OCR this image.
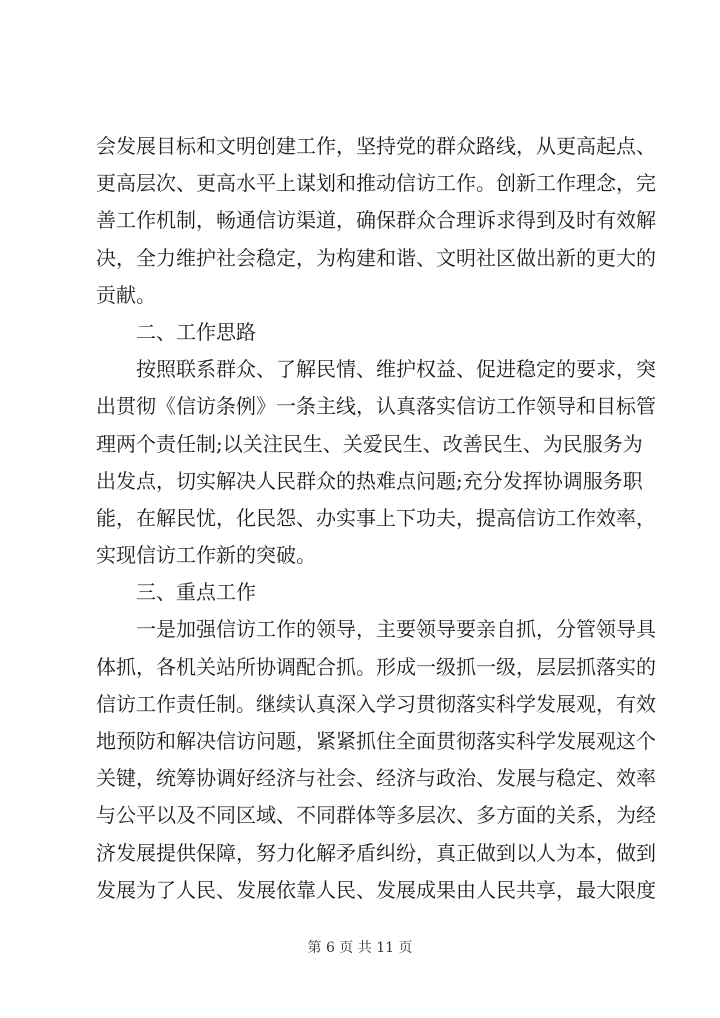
会 发 展 目 标 和 文 明 创 建 工 作 ， 坚 持 党 的 群 众 路 线 ， 从 更 高 起 点 、
更 高 层 次 、 更 高 水 平 上 谋 划 和 推 动 信 访 工 作 。 创 新 工 作 理 念 ， 完
善 工 作 机 制 ， 畅 通 信 访 渠 道 ， 确 保 群 众 合 理 诉 求 得 到 及 时 有 效 解
决 ， 全 力 维 护 社 会 稳 定 ， 为 构 建 和 谐 、 文 明 社 区 做 出 新 的 更 大 的
贡献。
二、工作思路
按 照 联 系 群 众 、 了 解 民 情 、 维 护 权 益 、 促 进 稳 定 的 要 求 ， 突
出 贯 彻 《 信 访 条 例 》 一 条 主 线 ， 认 真 落 实 信 访 工 作 领 导 和 目 标 管
理 两 个 责 任 制 ; 以 关 注 民 生 、 关 爱 民 生 、 改 善 民 生 、 为 民 服 务 为
出 发 点 ， 切 实 解 决 人 民 群 众 的 热 难 点 问 题 ; 充 分 发 挥 协 调 服 务 职
能 ， 在 解 民 忧 ， 化 民 怨 、 办 实 事 上 下 功 夫 ， 提 高 信 访 工 作 效 率 ，
实现信访工作新的突破。
三、重点工作
一 是 加 强 信 访 工 作 的 领 导 ， 主 要 领 导 要 亲 自 抓 ， 分 管 领 导 具
体 抓 ， 各 机 关 站 所 协 调 配 合 抓 。 形 成 一 级 抓 一 级 ， 层 层 抓 落 实 的
信 访 工 作 责 任 制 。 继 续 认 真 深 入 学 习 贯 彻 落 实 科 学 发 展 观 ， 有 效
地 预 防 和 解 决 信 访 问 题 ， 紧 紧 抓 住 全 面 贯 彻 落 实 科 学 发 展 观 这 个
关 键 ， 统 筹 协 调 好 经 济 与 社 会 、 经 济 与 政 治 、 发 展 与 稳 定 、 效 率
与 公 平 以 及 不 同 区 域 、 不 同 群 体 等 多 层 次 、 多 方 面 的 关 系 ， 为 经
济 发 展 提 供 保 障 ， 努 力 化 解 矛 盾 纠 纷 ， 真 正 做 到 以 人 为 本 ， 做 到
发 展 为 了 人 民 、 发 展 依 靠 人 民 、 发 展 成 果 由 人 民 共 享 ， 最 大 限 度
第 6 页 共 11 页
